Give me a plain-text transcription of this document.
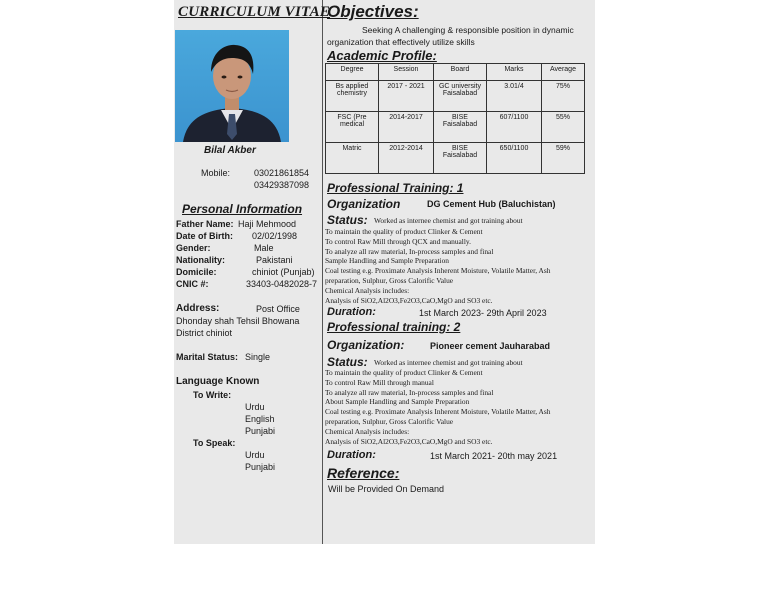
CURRICULUM VITAE
Bilal Akber
Mobile:	03021861854
03429387098
Personal Information
Father Name: Haji Mehmood
Date of Birth: 02/02/1998
Gender:	Male
Nationality:	Pakistani
Domicile:	chiniot (Punjab)
CNIC #:	33403-0482028-7
Address:	Post Office
Dhonday shah Tehsil Bhowana
District chiniot
Marital Status: Single
Language Known
To Write:
Urdu
English
Punjabi
To Speak:
Urdu
Punjabi
Objectives:
Seeking A challenging & responsible position in dynamic organization that effectively utilize skills
Academic Profile:
Degree	Session	Board	Marks	Average
Bs applied chemistry	2017 - 2021	GC university Faisalabad	3.01/4	75%
FSC (Pre medical	2014-2017	BISE Faisalabad	607/1100	55%
Matric	2012-2014	BISE Faisalabad	650/1100	59%
Professional Training: 1
Organization	DG Cement Hub (Baluchistan)
Status: Worked as internee chemist and got training about
To maintain the quality of product Clinker & Cement
To control Raw Mill through QCX and manually.
To analyze all raw material, In-process samples and final
Sample Handling and Sample Preparation
Coal testing e.g. Proximate Analysis Inherent Moisture, Volatile Matter, Ash
preparation, Sulphur, Gross Calorific Value
Chemical Analysis includes:
Analysis of SiO2,Al2O3,Fe2O3,CaO,MgO and SO3 etc.
Duration:	1st March 2023- 29th April 2023
Professional training: 2
Organization:	Pioneer cement Jauharabad
Status: Worked as internee chemist and got training about
To maintain the quality of product Clinker & Cement
To control Raw Mill through manual
To analyze all raw material, In-process samples and final
About Sample Handling and Sample Preparation
Coal testing e.g. Proximate Analysis Inherent Moisture, Volatile Matter, Ash
preparation, Sulphur, Gross Calorific Value
Chemical Analysis includes:
Analysis of SiO2,Al2O3,Fe2O3,CaO,MgO and SO3 etc.
Duration:	1st March 2021- 20th may 2021
Reference:
Will be Provided On Demand
